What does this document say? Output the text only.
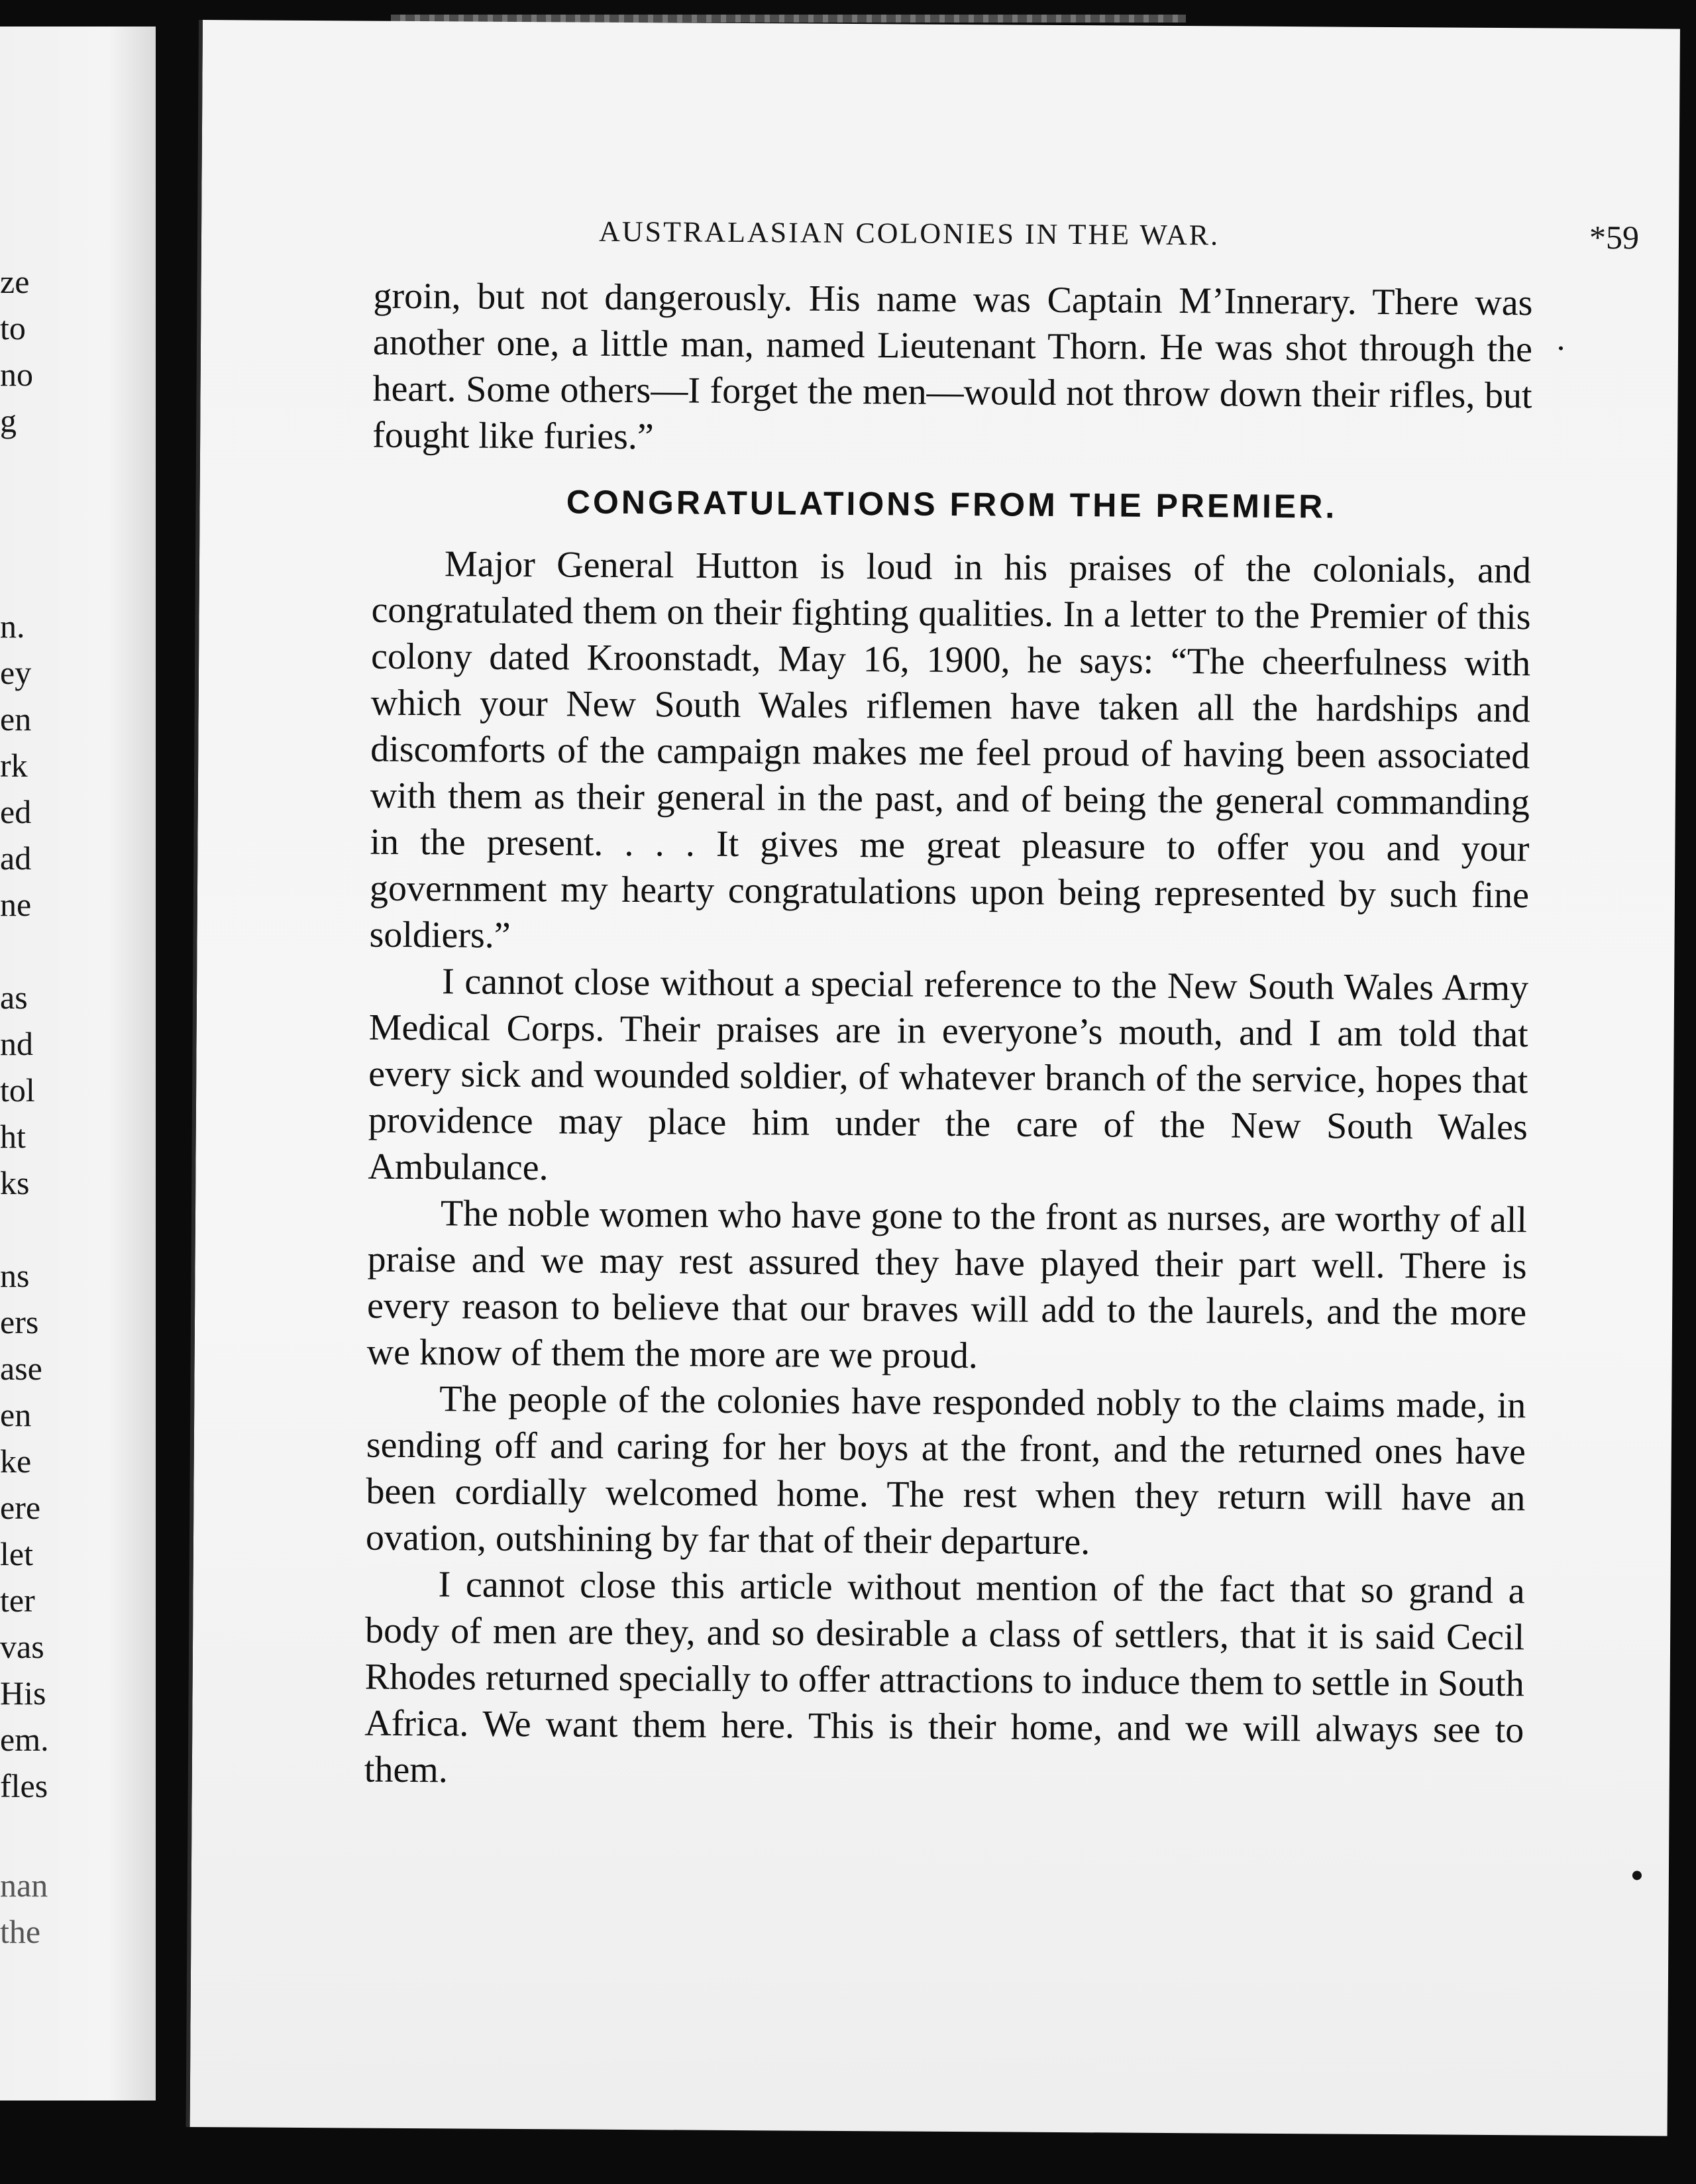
ze
to
no
g
n.
ey
en
rk
ed
ad
ne
as
nd
tol
ht
ks
ns
ers
ase
en
ke
ere
let
ter
vas
His
em.
fles
nan
the
AUSTRALASIAN COLONIES IN THE WAR.	*59

groin, but not dangerously. His name was Captain M’Innerary. There was another one, a little man, named Lieutenant Thorn. He was shot through the heart. Some others—I forget the men—would not throw down their rifles, but fought like furies.”

CONGRATULATIONS FROM THE PREMIER.

Major General Hutton is loud in his praises of the colonials, and congratulated them on their fighting qualities. In a letter to the Premier of this colony dated Kroonstadt, May 16, 1900, he says: “The cheerfulness with which your New South Wales riflemen have taken all the hardships and discomforts of the campaign makes me feel proud of having been associated with them as their general in the past, and of being the general commanding in the present. . . . It gives me great pleasure to offer you and your government my hearty congratulations upon being represented by such fine soldiers.”

I cannot close without a special reference to the New South Wales Army Medical Corps. Their praises are in everyone’s mouth, and I am told that every sick and wounded soldier, of whatever branch of the service, hopes that providence may place him under the care of the New South Wales Ambulance.

The noble women who have gone to the front as nurses, are worthy of all praise and we may rest assured they have played their part well. There is every reason to believe that our braves will add to the laurels, and the more we know of them the more are we proud.

The people of the colonies have responded nobly to the claims made, in sending off and caring for her boys at the front, and the returned ones have been cordially welcomed home. The rest when they return will have an ovation, outshining by far that of their departure.

I cannot close this article without mention of the fact that so grand a body of men are they, and so desirable a class of settlers, that it is said Cecil Rhodes returned specially to offer attractions to induce them to settle in South Africa. We want them here. This is their home, and we will always see to them.
